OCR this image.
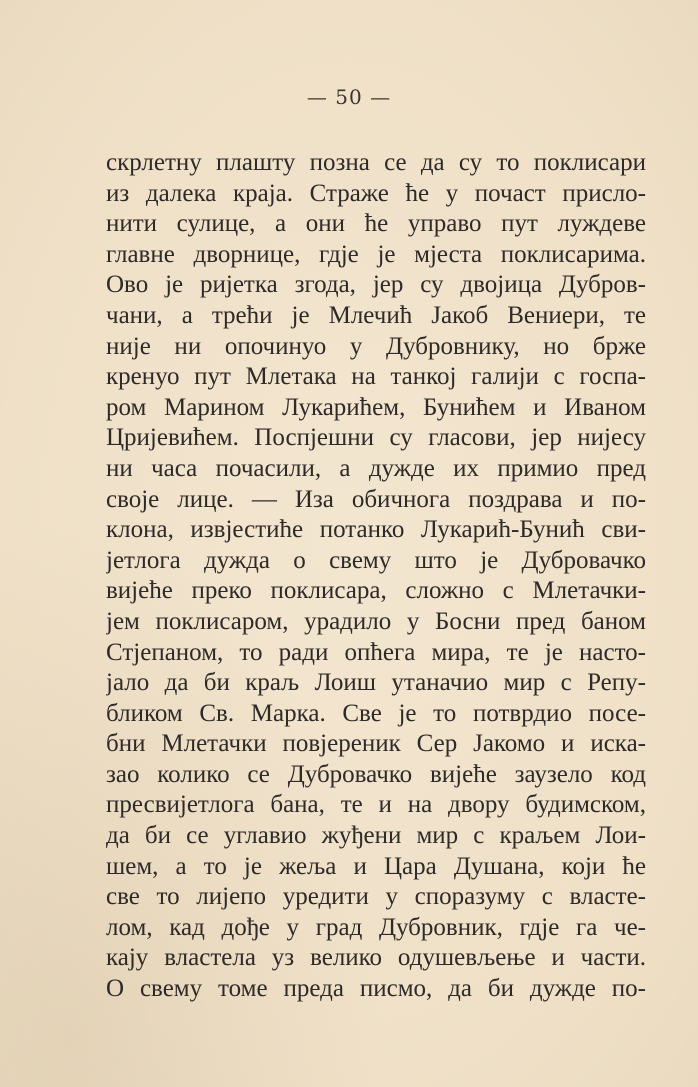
— 50 —
скрлетну плашту позна се да су то поклисари
из далека краја. Страже ће у почаст присло-
нити сулице, а они ће управо пут луждеве
главне дворнице, гдје је мјеста поклисарима.
Ово је ријетка згода, јер су двојица Дубров-
чани, а трећи је Млечић Јакоб Вениери, те
није ни опочинуо у Дубровнику, но брже
кренуо пут Млетака на танкој галији с госпа-
ром Марином Лукарићем, Бунићем и Иваном
Цријевићем. Поспјешни су гласови, јер нијесу
ни часа почасили, а дужде их примио пред
своје лице. — Иза обичнога поздрава и по-
клона, извјестиће потанко Лукарић-Бунић сви-
јетлога дужда о свему што је Дубровачко
вијеће преко поклисара, сложно с Млетачки-
јем поклисаром, урадило у Босни пред баном
Стјепаном, то ради опћега мира, те је насто-
јало да би краљ Лоиш утаначио мир с Репу-
бликом Св. Марка. Све је то потврдио посе-
бни Млетачки повјереник Сер Јакомо и иска-
зао колико се Дубровачко вијеће заузело код
пресвијетлога бана, те и на двору будимском,
да би се углавио жуђени мир с краљем Лои-
шем, а то је жеља и Цара Душана, који ће
све то лијепо уредити у споразуму с властe-
лом, кад дође у град Дубровник, гдје га че-
кају властела уз велико одушевљење и части.
О свему томе преда писмо, да би дужде по-
